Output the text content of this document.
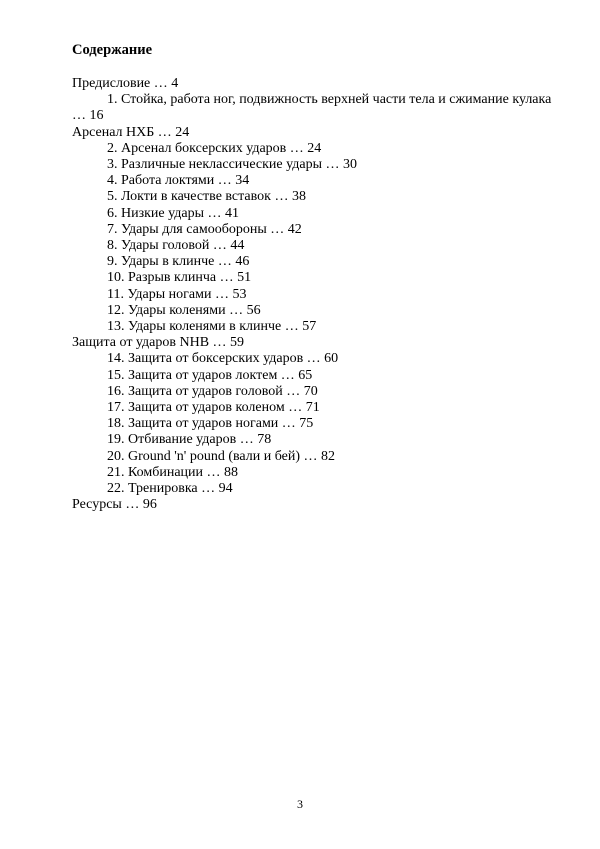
Содержание
Предисловие … 4
1. Стойка, работа ног, подвижность верхней части тела и сжимание кулака
… 16
Арсенал НХБ … 24
2. Арсенал боксерских ударов … 24
3. Различные неклассические удары … 30
4. Работа локтями … 34
5. Локти в качестве вставок … 38
6. Низкие удары … 41
7. Удары для самообороны … 42
8. Удары головой … 44
9. Удары в клинче … 46
10. Разрыв клинча … 51
11. Удары ногами … 53
12. Удары коленями … 56
13. Удары коленями в клинче … 57
Защита от ударов NHB … 59
14. Защита от боксерских ударов … 60
15. Защита от ударов локтем … 65
16. Защита от ударов головой … 70
17. Защита от ударов коленом … 71
18. Защита от ударов ногами … 75
19. Отбивание ударов … 78
20. Ground 'n' pound (вали и бей) … 82
21. Комбинации … 88
22. Тренировка … 94
Ресурсы … 96
3
